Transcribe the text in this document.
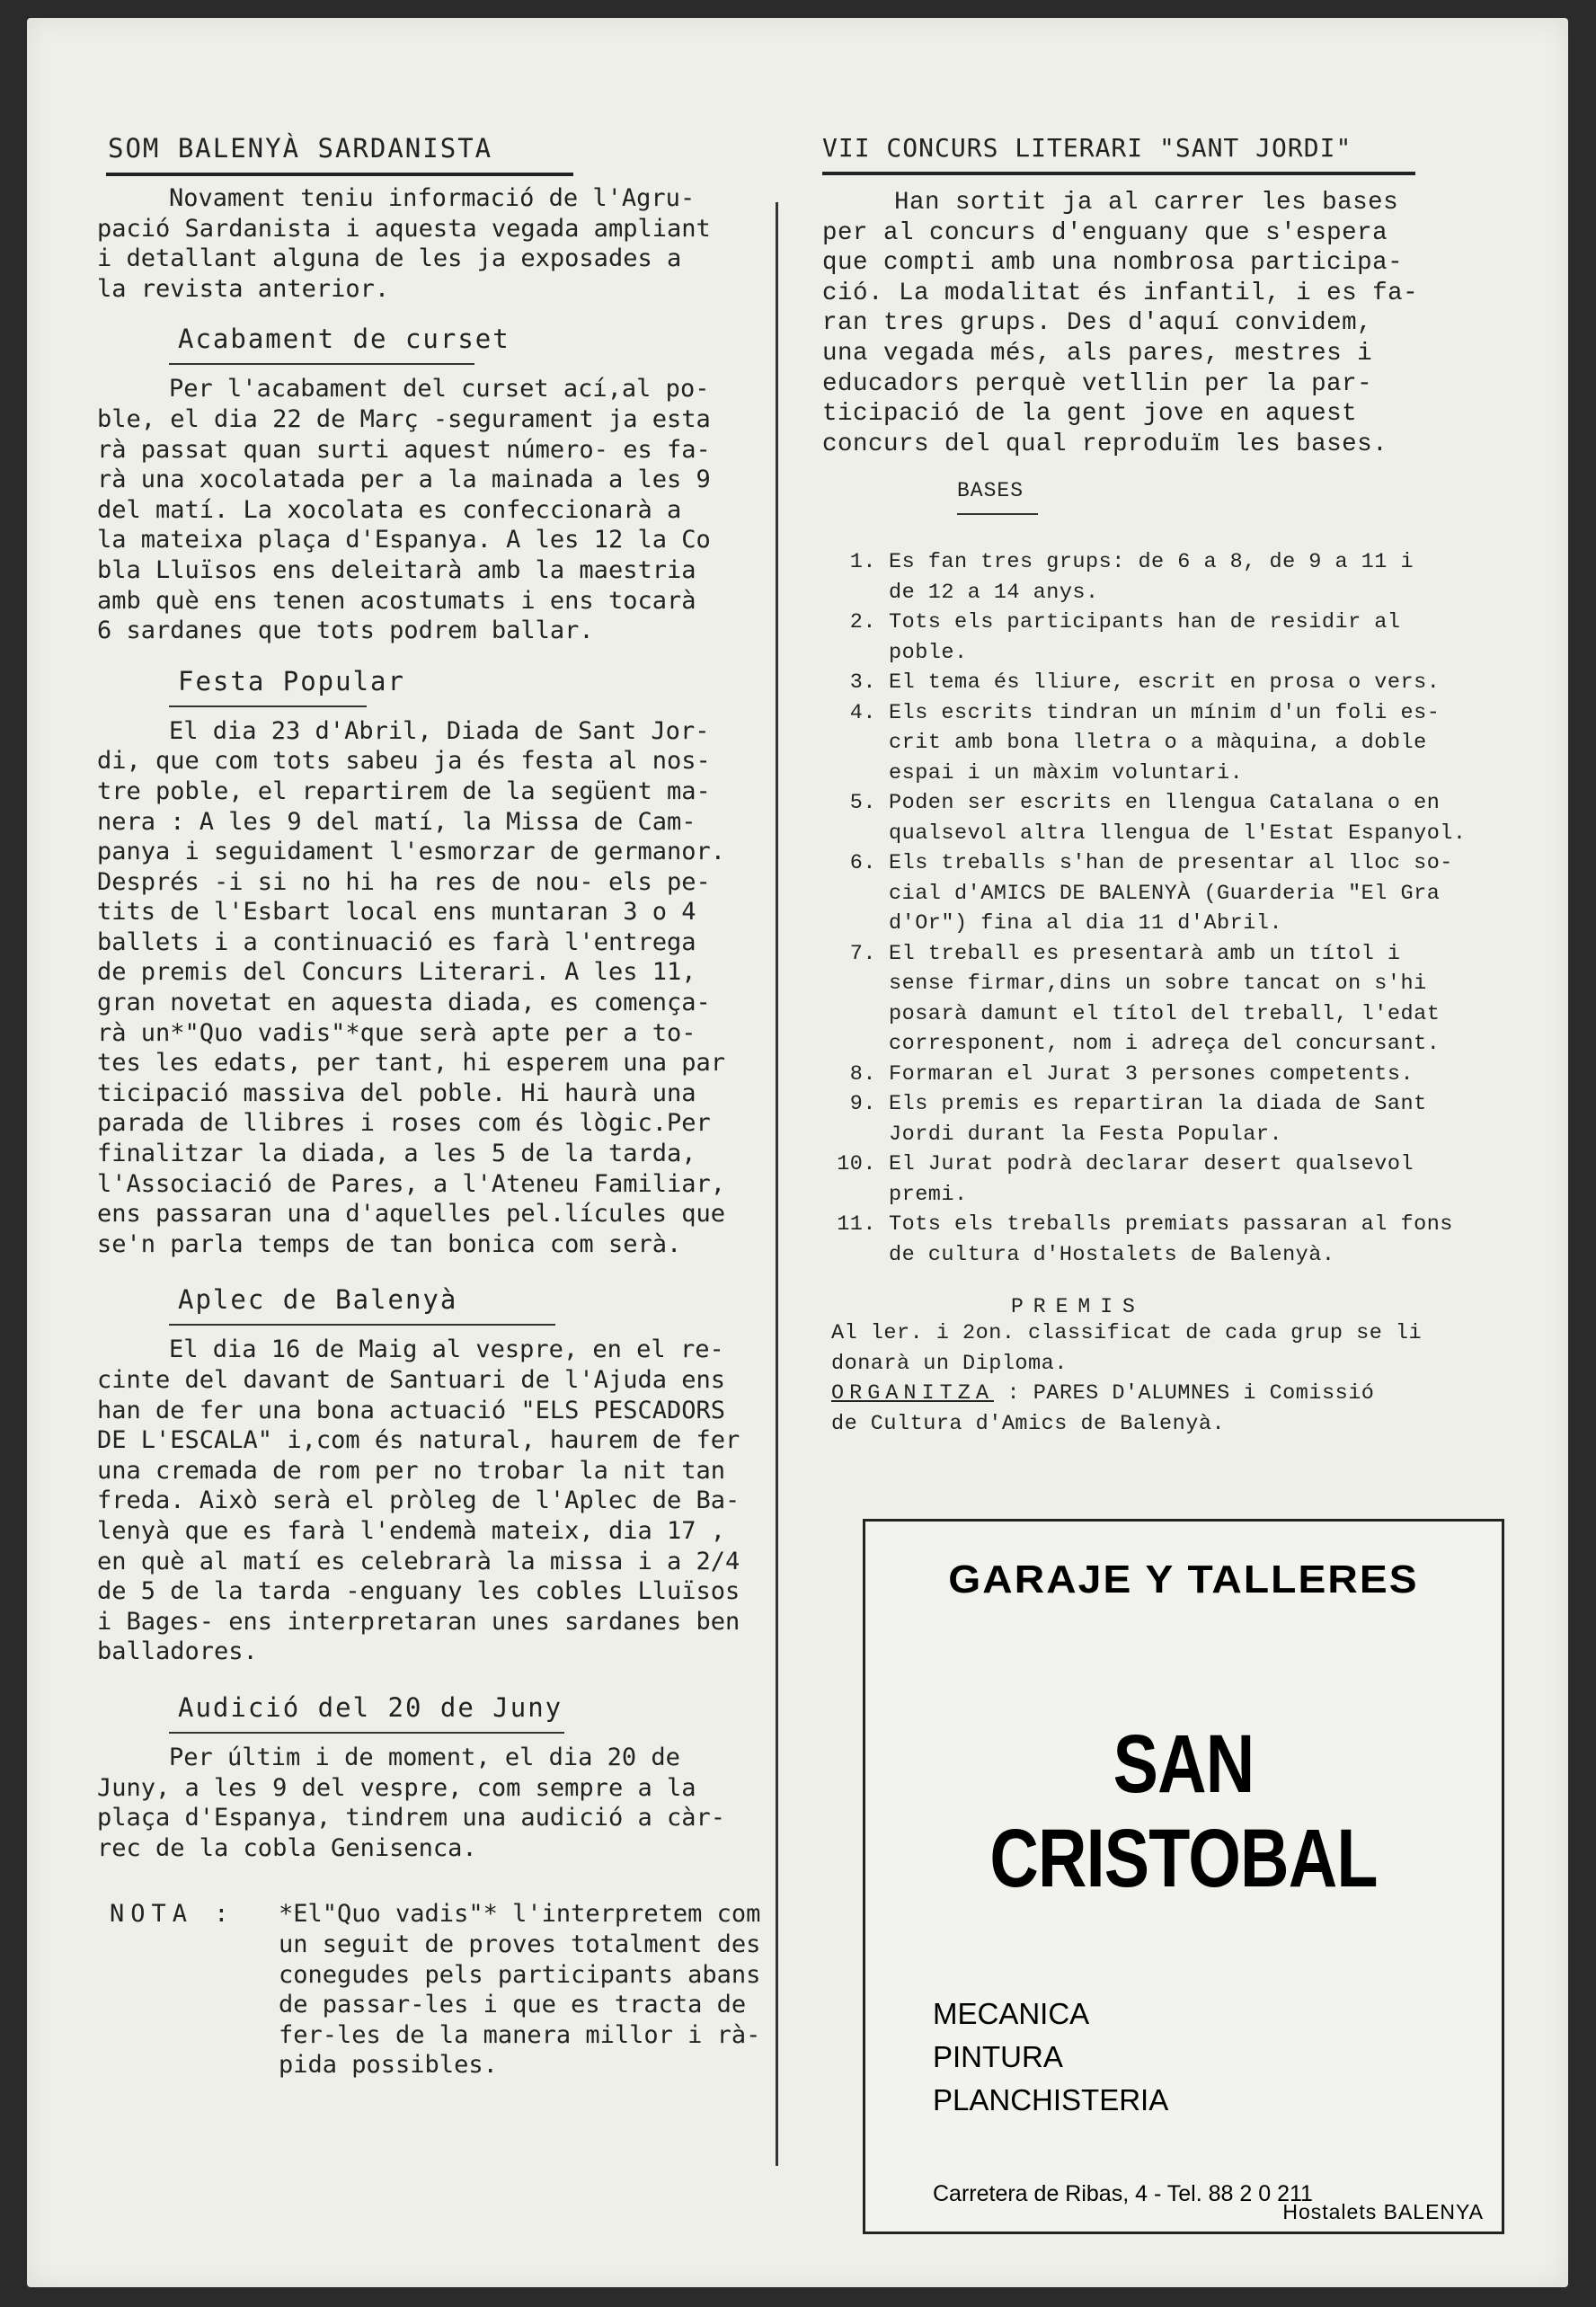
SOM BALENYÀ SARDANISTA
Novament teniu informació de l'Agru-
pació Sardanista i aquesta vegada ampliant
i detallant alguna de les ja exposades a
la revista anterior.
Acabament de curset
Per l'acabament del curset ací,al po-
ble, el dia 22 de Març -segurament ja esta
rà passat quan surti aquest número- es fa-
rà una xocolatada per a la mainada a les 9
del matí. La xocolata es confeccionarà a
la mateixa plaça d'Espanya. A les 12 la Co
bla Lluïsos ens deleitarà amb la maestria
amb què ens tenen acostumats i ens tocarà
6 sardanes que tots podrem ballar.
Festa Popular
El dia 23 d'Abril, Diada de Sant Jor-
di, que com tots sabeu ja és festa al nos-
tre poble, el repartirem de la següent ma-
nera : A les 9 del matí, la Missa de Cam-
panya i seguidament l'esmorzar de germanor.
Després -i si no hi ha res de nou- els pe-
tits de l'Esbart local ens muntaran 3 o 4
ballets i a continuació es farà l'entrega
de premis del Concurs Literari. A les 11,
gran novetat en aquesta diada, es comença-
rà un*"Quo vadis"*que serà apte per a to-
tes les edats, per tant, hi esperem una par
ticipació massiva del poble. Hi haurà una
parada de llibres i roses com és lògic.Per
finalitzar la diada, a les 5 de la tarda,
l'Associació de Pares, a l'Ateneu Familiar,
ens passaran una d'aquelles pel.lícules que
se'n parla temps de tan bonica com serà.
Aplec de Balenyà
El dia 16 de Maig al vespre, en el re-
cinte del davant de Santuari de l'Ajuda ens
han de fer una bona actuació "ELS PESCADORS
DE L'ESCALA" i,com és natural, haurem de fer
una cremada de rom per no trobar la nit tan
freda. Això serà el pròleg de l'Aplec de Ba-
lenyà que es farà l'endemà mateix, dia 17 ,
en què al matí es celebrarà la missa i a 2/4
de 5 de la tarda -enguany les cobles Lluïsos
i Bages- ens interpretaran unes sardanes ben
balladores.
Audició del 20 de Juny
Per últim i de moment, el dia 20 de
Juny, a les 9 del vespre, com sempre a la
plaça d'Espanya, tindrem una audició a càr-
rec de la cobla Genisenca.
NOTA :	*El"Quo vadis"* l'interpretem com
un seguit de proves totalment des
conegudes pels participants abans
de passar-les i que es tracta de
fer-les de la manera millor i rà-
pida possibles.
VII CONCURS LITERARI "SANT JORDI"
Han sortit ja al carrer les bases
per al concurs d'enguany que s'espera
que compti amb una nombrosa participa-
ció. La modalitat és infantil, i es fa-
ran tres grups. Des d'aquí convidem,
una vegada més, als pares, mestres i
educadors perquè vetllin per la par-
ticipació de la gent jove en aquest
concurs del qual reproduïm les bases.
BASES
1. Es fan tres grups: de 6 a 8, de 9 a 11 i
de 12 a 14 anys.
2. Tots els participants han de residir al
poble.
3. El tema és lliure, escrit en prosa o vers.
4. Els escrits tindran un mínim d'un foli es-
crit amb bona lletra o a màquina, a doble
espai i un màxim voluntari.
5. Poden ser escrits en llengua Catalana o en
qualsevol altra llengua de l'Estat Espanyol.
6. Els treballs s'han de presentar al lloc so-
cial d'AMICS DE BALENYÀ (Guarderia "El Gra
d'Or") fina al dia 11 d'Abril.
7. El treball es presentarà amb un títol i
sense firmar,dins un sobre tancat on s'hi
posarà damunt el títol del treball, l'edat
corresponent, nom i adreça del concursant.
8. Formaran el Jurat 3 persones competents.
9. Els premis es repartiran la diada de Sant
Jordi durant la Festa Popular.
10. El Jurat podrà declarar desert qualsevol
premi.
11. Tots els treballs premiats passaran al fons
de cultura d'Hostalets de Balenyà.
PREMIS
Al ler. i 2on. classificat de cada grup se li
donarà un Diploma.
ORGANITZA : PARES D'ALUMNES i Comissió
de Cultura d'Amics de Balenyà.
GARAJE Y TALLERES
SAN CRISTOBAL
MECANICA
PINTURA
PLANCHISTERIA
Carretera de Ribas, 4 - Tel. 88 2 0 211
Hostalets BALENYA
